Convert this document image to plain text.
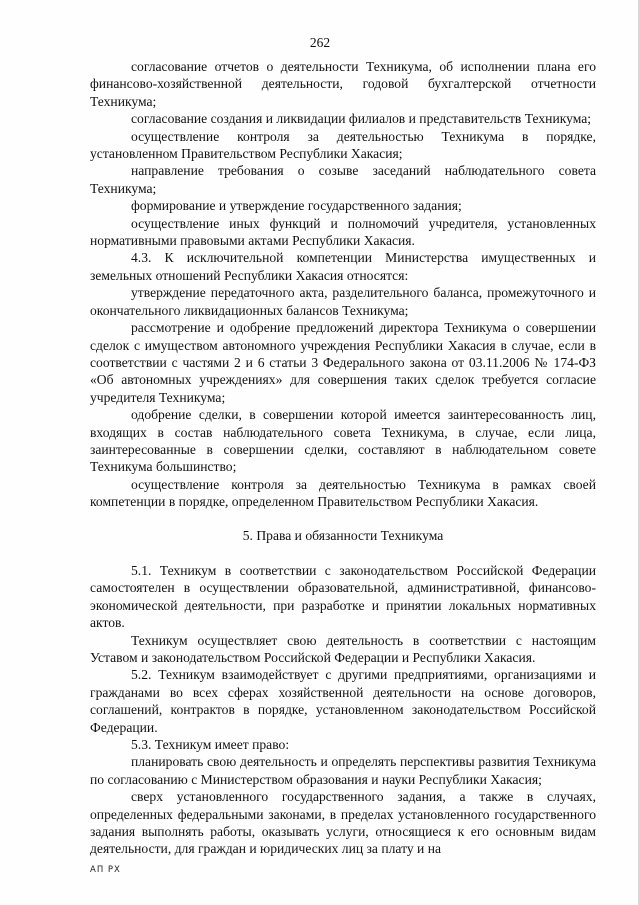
262

согласование отчетов о деятельности Техникума, об исполнении плана его финансово-хозяйственной деятельности, годовой бухгалтерской отчетности Техникума;

согласование создания и ликвидации филиалов и представительств Техникума;

осуществление контроля за деятельностью Техникума в порядке, установленном Правительством Республики Хакасия;

направление требования о созыве заседаний наблюдательного совета Техникума;

формирование и утверждение государственного задания;

осуществление иных функций и полномочий учредителя, установленных нормативными правовыми актами Республики Хакасия.

4.3. К исключительной компетенции Министерства имущественных и земельных отношений Республики Хакасия относятся:

утверждение передаточного акта, разделительного баланса, промежуточного и окончательного ликвидационных балансов Техникума;

рассмотрение и одобрение предложений директора Техникума о совершении сделок с имуществом автономного учреждения Республики Хакасия в случае, если в соответствии с частями 2 и 6 статьи 3 Федерального закона от 03.11.2006 № 174-ФЗ «Об автономных учреждениях» для совершения таких сделок требуется согласие учредителя Техникума;

одобрение сделки, в совершении которой имеется заинтересованность лиц, входящих в состав наблюдательного совета Техникума, в случае, если лица, заинтересованные в совершении сделки, составляют в наблюдательном совете Техникума большинство;

осуществление контроля за деятельностью Техникума в рамках своей компетенции в порядке, определенном Правительством Республики Хакасия.

5. Права и обязанности Техникума

5.1. Техникум в соответствии с законодательством Российской Федерации самостоятелен в осуществлении образовательной, административной, финансово-экономической деятельности, при разработке и принятии локальных нормативных актов.

Техникум осуществляет свою деятельность в соответствии с настоящим Уставом и законодательством Российской Федерации и Республики Хакасия.

5.2. Техникум взаимодействует с другими предприятиями, организациями и гражданами во всех сферах хозяйственной деятельности на основе договоров, соглашений, контрактов в порядке, установленном законодательством Российской Федерации.

5.3. Техникум имеет право:

планировать свою деятельность и определять перспективы развития Техникума по согласованию с Министерством образования и науки Республики Хакасия;

сверх установленного государственного задания, а также в случаях, определенных федеральными законами, в пределах установленного государственного задания выполнять работы, оказывать услуги, относящиеся к его основным видам деятельности, для граждан и юридических лиц за плату и на

АП РХ
